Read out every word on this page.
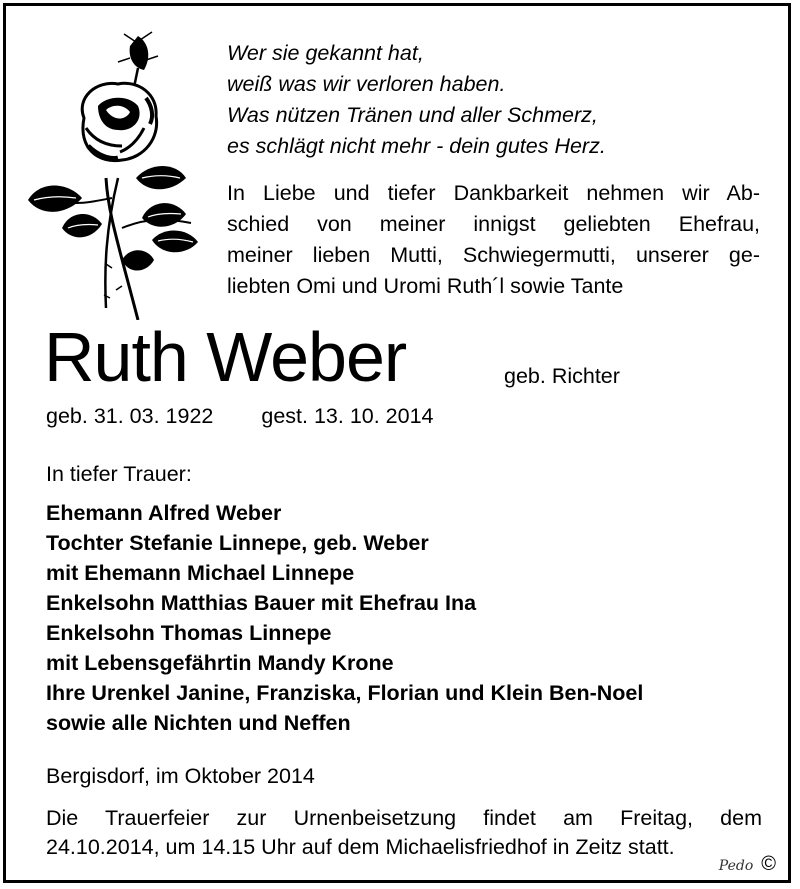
Wer sie gekannt hat,
weiß was wir verloren haben.
Was nützen Tränen und aller Schmerz,
es schlägt nicht mehr - dein gutes Herz.
In Liebe und tiefer Dankbarkeit nehmen wir Ab-
schied von meiner innigst geliebten Ehefrau,
meiner lieben Mutti, Schwiegermutti, unserer ge-
liebten Omi und Uromi Ruth´l sowie Tante
Ruth Weber	geb. Richter
geb. 31. 03. 1922 gest. 13. 10. 2014
In tiefer Trauer:
Ehemann Alfred Weber
Tochter Stefanie Linnepe, geb. Weber
mit Ehemann Michael Linnepe
Enkelsohn Matthias Bauer mit Ehefrau Ina
Enkelsohn Thomas Linnepe
mit Lebensgefährtin Mandy Krone
Ihre Urenkel Janine, Franziska, Florian und Klein Ben-Noel
sowie alle Nichten und Neffen
Bergisdorf, im Oktober 2014
Die Trauerfeier zur Urnenbeisetzung findet am Freitag, dem
24.10.2014, um 14.15 Uhr auf dem Michaelisfriedhof in Zeitz statt.
Pedo ©
